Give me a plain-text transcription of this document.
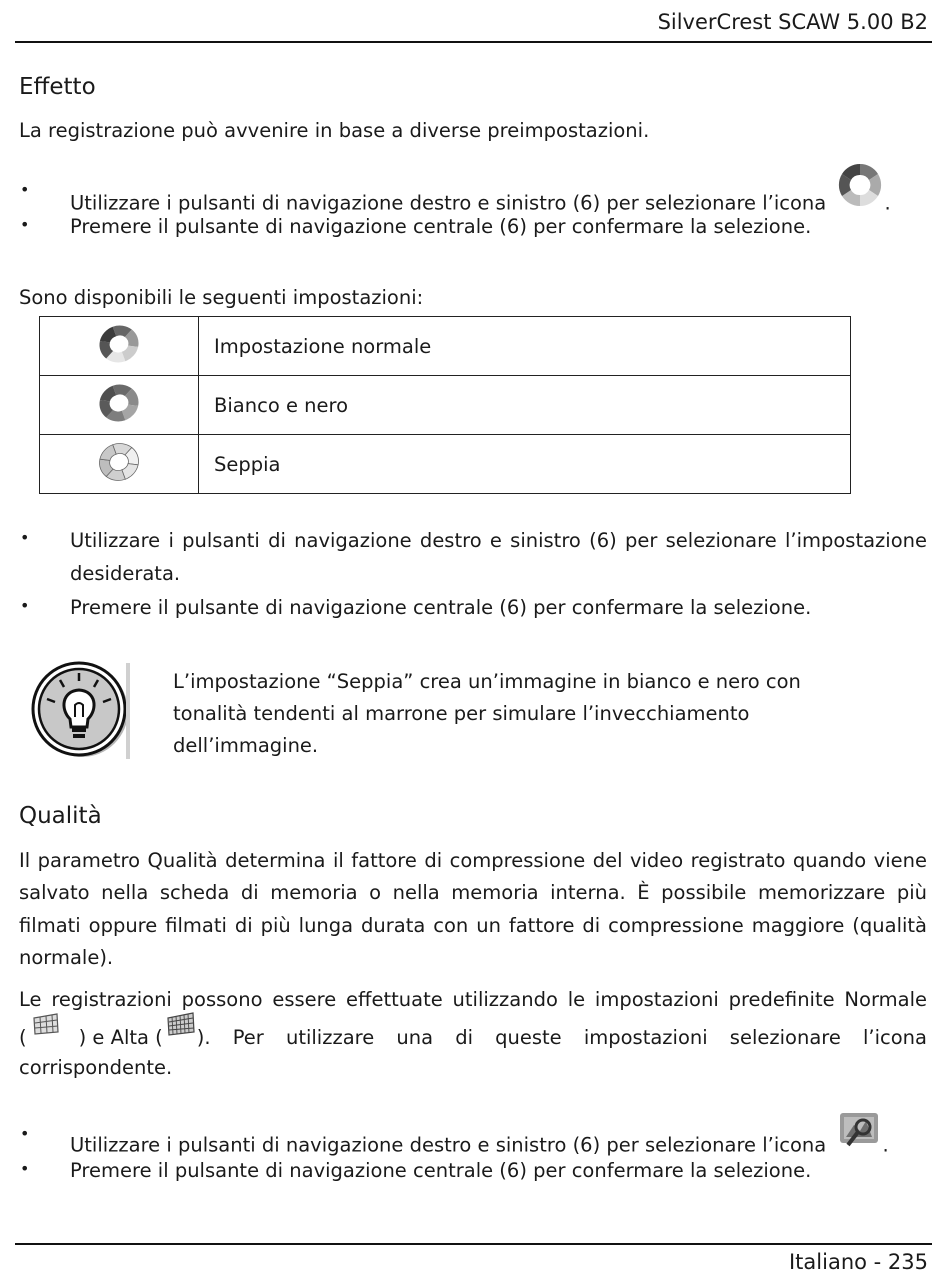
SilverCrest SCAW 5.00 B2
Effetto
La registrazione può avvenire in base a diverse preimpostazioni.
•
Utilizzare i pulsanti di navigazione destro e sinistro (6) per selezionare l’icona	.
• Premere il pulsante di navigazione centrale (6) per confermare la selezione.
Sono disponibili le seguenti impostazioni:
	Impostazione normale
	Bianco e nero
	Seppia
• Utilizzare i pulsanti di navigazione destro e sinistro (6) per selezionare l’impostazione
desiderata.
• Premere il pulsante di navigazione centrale (6) per confermare la selezione.
L’impostazione “Seppia” crea un’immagine in bianco e nero con
tonalità tendenti al marrone per simulare l’invecchiamento
dell’immagine.
Qualità
Il parametro Qualità determina il fattore di compressione del video registrato quando viene
salvato nella scheda di memoria o nella memoria interna. È possibile memorizzare più
filmati oppure filmati di più lunga durata con un fattore di compressione maggiore (qualità
normale).
Le registrazioni possono essere effettuate utilizzando le impostazioni predefinite Normale
(	) e Alta ( ). Per utilizzare una di queste impostazioni selezionare l’icona
corrispondente.
• Utilizzare i pulsanti di navigazione destro e sinistro (6) per selezionare l’icona	.
• Premere il pulsante di navigazione centrale (6) per confermare la selezione.
Italiano - 235
